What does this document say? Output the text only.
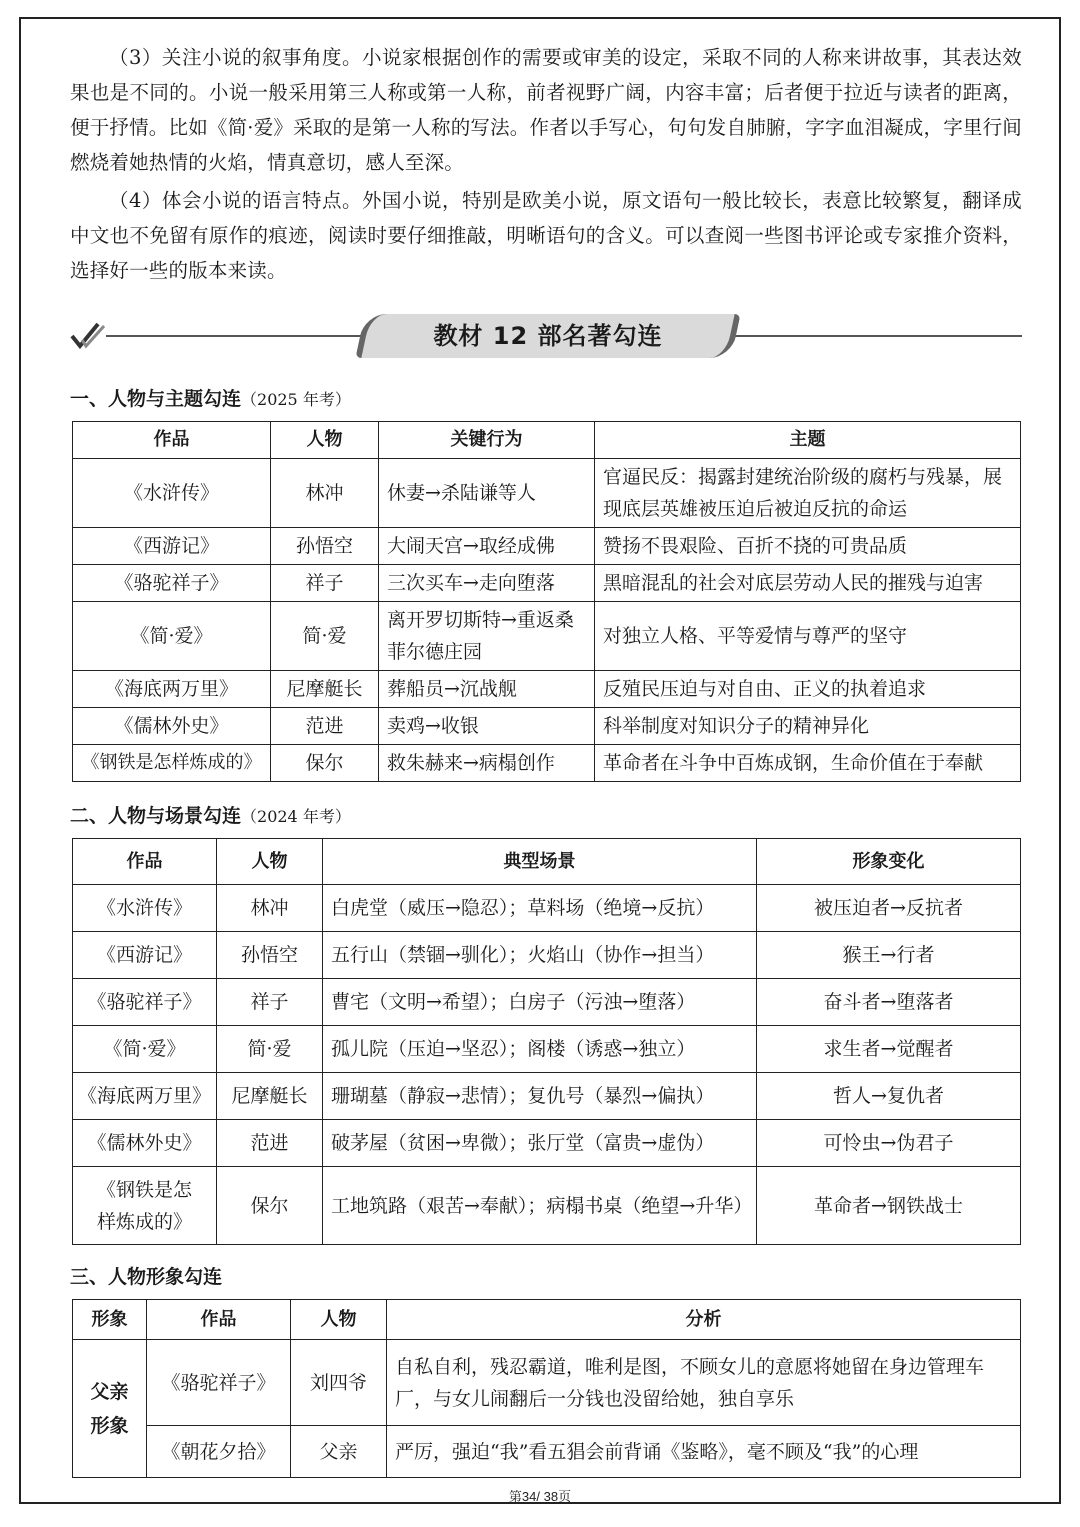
（3）关注小说的叙事角度。小说家根据创作的需要或审美的设定，采取不同的人称来讲故事，其表达效果也是不同的。小说一般采用第三人称或第一人称，前者视野广阔，内容丰富；后者便于拉近与读者的距离，便于抒情。比如《简·爱》采取的是第一人称的写法。作者以手写心，句句发自肺腑，字字血泪凝成，字里行间燃烧着她热情的火焰，情真意切，感人至深。

（4）体会小说的语言特点。外国小说，特别是欧美小说，原文语句一般比较长，表意比较繁复，翻译成中文也不免留有原作的痕迹，阅读时要仔细推敲，明晰语句的含义。可以查阅一些图书评论或专家推介资料，选择好一些的版本来读。

教材 12 部名著勾连
一、人物与主题勾连（2025 年考）
作品	人物	关键行为	主题
《水浒传》	林冲	休妻→杀陆谦等人	官逼民反：揭露封建统治阶级的腐朽与残暴，展现底层英雄被压迫后被迫反抗的命运
《西游记》	孙悟空	大闹天宫→取经成佛	赞扬不畏艰险、百折不挠的可贵品质
《骆驼祥子》	祥子	三次买车→走向堕落	黑暗混乱的社会对底层劳动人民的摧残与迫害
《简·爱》	简·爱	离开罗切斯特→重返桑菲尔德庄园	对独立人格、平等爱情与尊严的坚守
《海底两万里》	尼摩艇长	葬船员→沉战舰	反殖民压迫与对自由、正义的执着追求
《儒林外史》	范进	卖鸡→收银	科举制度对知识分子的精神异化
《钢铁是怎样炼成的》	保尔	救朱赫来→病榻创作	革命者在斗争中百炼成钢，生命价值在于奉献
二、人物与场景勾连（2024 年考）
作品	人物	典型场景	形象变化
《水浒传》	林冲	白虎堂（威压→隐忍）；草料场（绝境→反抗）	被压迫者→反抗者
《西游记》	孙悟空	五行山（禁锢→驯化）；火焰山（协作→担当）	猴王→行者
《骆驼祥子》	祥子	曹宅（文明→希望）；白房子（污浊→堕落）	奋斗者→堕落者
《简·爱》	简·爱	孤儿院（压迫→坚忍）；阁楼（诱惑→独立）	求生者→觉醒者
《海底两万里》	尼摩艇长	珊瑚墓（静寂→悲情）；复仇号（暴烈→偏执）	哲人→复仇者
《儒林外史》	范进	破茅屋（贫困→卑微）；张厅堂（富贵→虚伪）	可怜虫→伪君子
《钢铁是怎样炼成的》	保尔	工地筑路（艰苦→奉献）；病榻书桌（绝望→升华）	革命者→钢铁战士
三、人物形象勾连
形象	作品	人物	分析
父亲形象	《骆驼祥子》	刘四爷	自私自利，残忍霸道，唯利是图，不顾女儿的意愿将她留在身边管理车厂，与女儿闹翻后一分钱也没留给她，独自享乐
	《朝花夕拾》	父亲	严厉，强迫“我”看五猖会前背诵《鉴略》，毫不顾及“我”的心理
第34/ 38页
